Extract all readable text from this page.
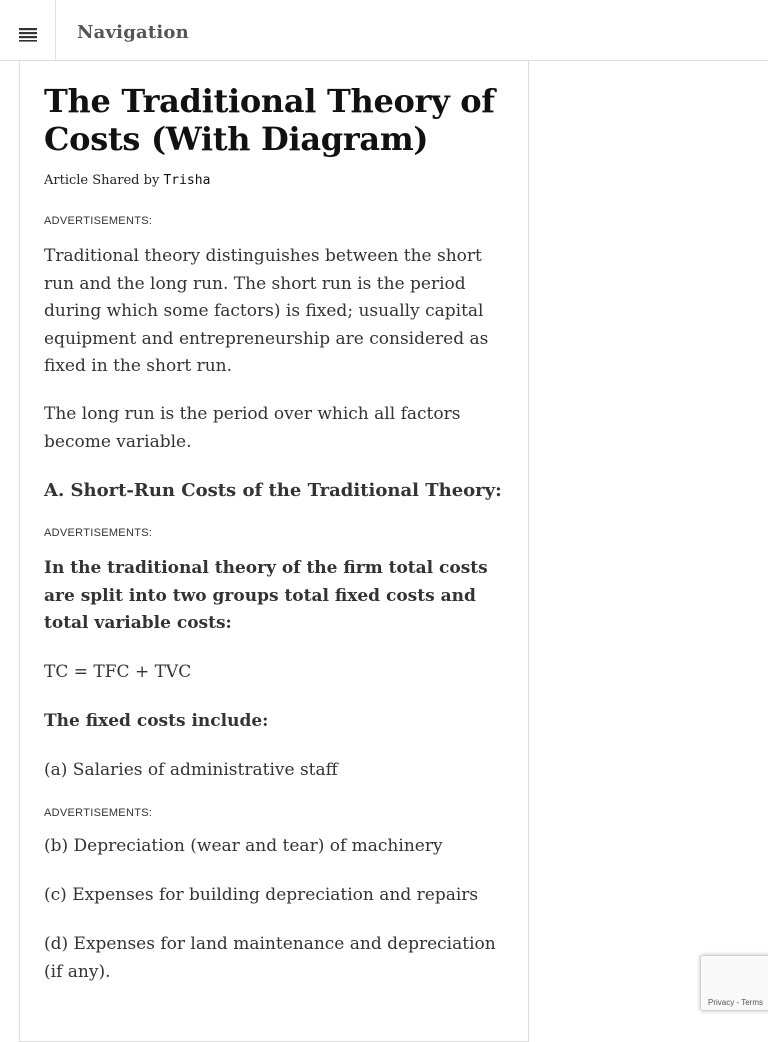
Navigation
The Traditional Theory of Costs (With Diagram)
Article Shared by Trisha
ADVERTISEMENTS:

Traditional theory distinguishes between the short run and the long run. The short run is the period during which some factors) is fixed; usually capital equipment and entrepreneurship are considered as fixed in the short run.

The long run is the period over which all factors become variable.

A. Short-Run Costs of the Traditional Theory:
ADVERTISEMENTS:

In the traditional theory of the firm total costs are split into two groups total fixed costs and total variable costs:

TC = TFC + TVC

The fixed costs include:

(a) Salaries of administrative staff

ADVERTISEMENTS:

(b) Depreciation (wear and tear) of machinery

(c) Expenses for building depreciation and repairs

(d) Expenses for land maintenance and depreciation (if any).

Privacy - Terms
